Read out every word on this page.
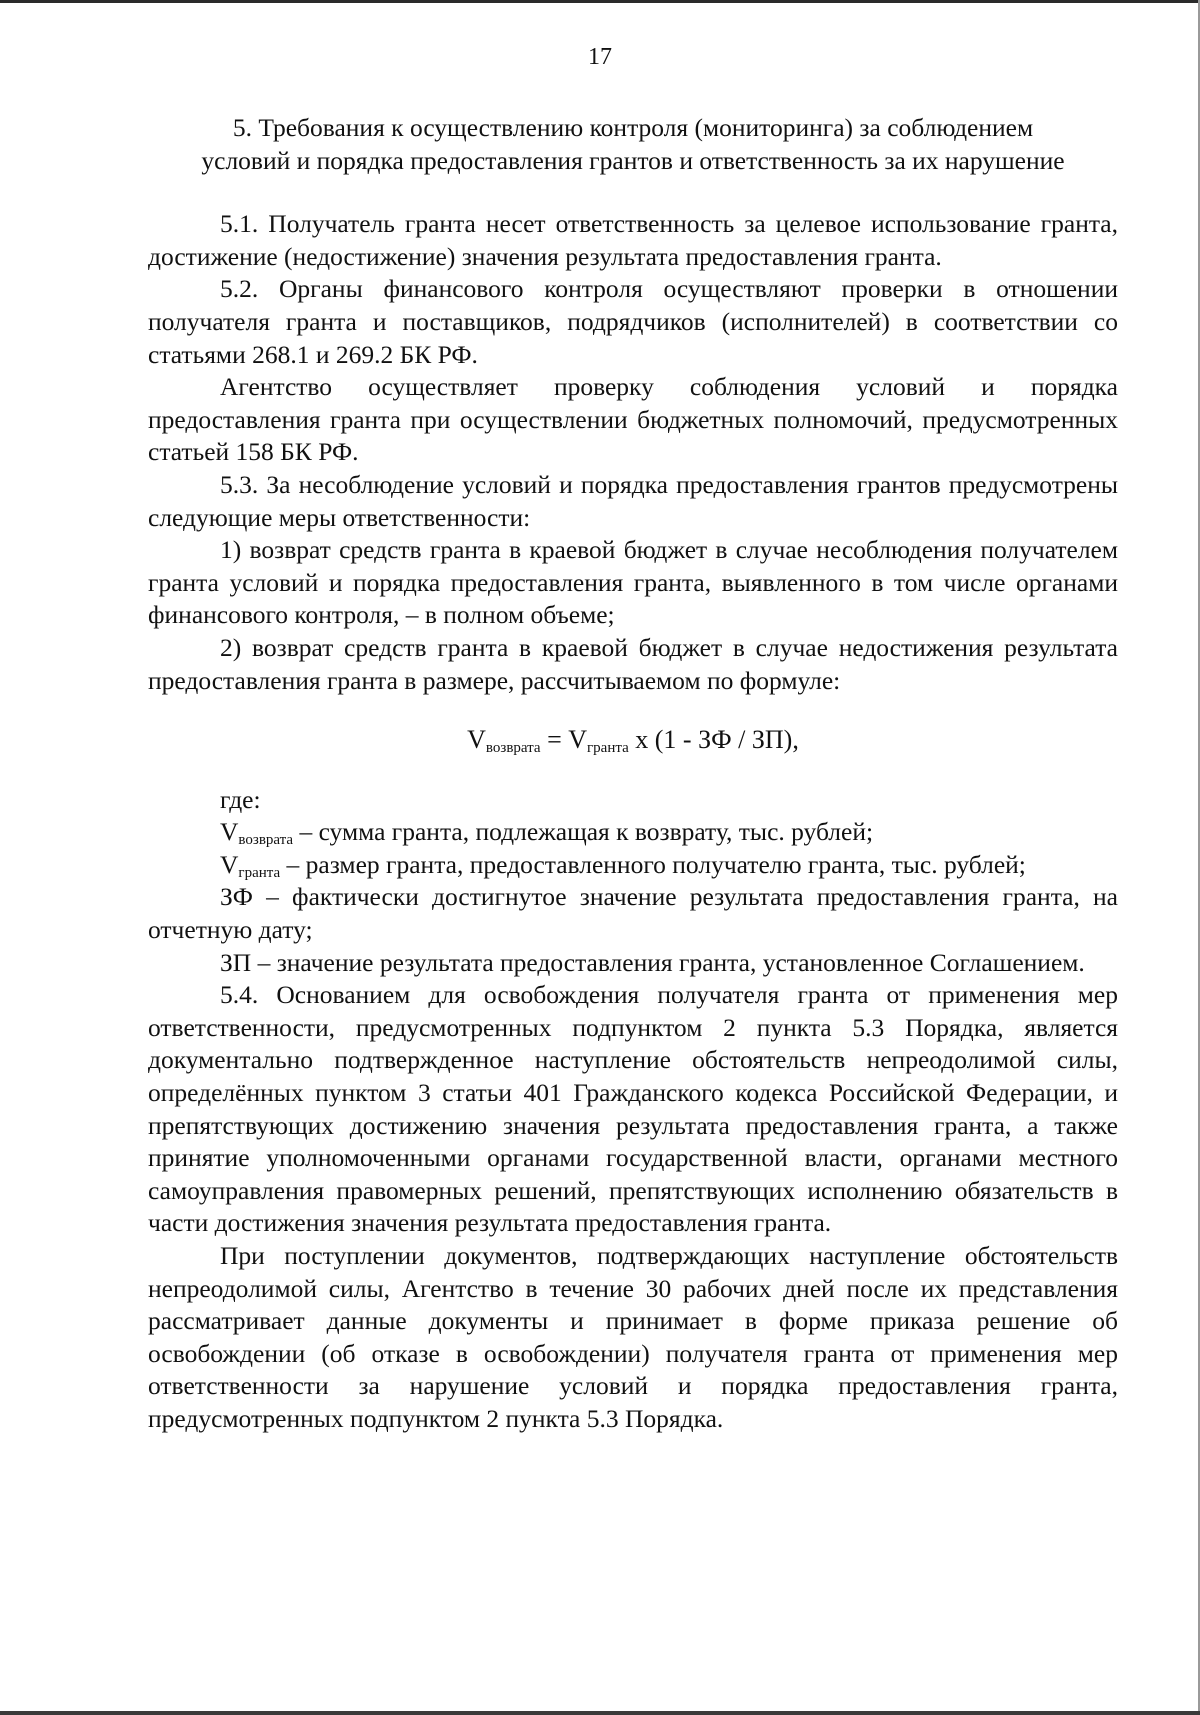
17
5. Требования к осуществлению контроля (мониторинга) за соблюдением
условий и порядка предоставления грантов и ответственность за их нарушение

5.1. Получатель гранта несет ответственность за целевое использование гранта, достижение (недостижение) значения результата предоставления гранта.

5.2. Органы финансового контроля осуществляют проверки в отношении получателя гранта и поставщиков, подрядчиков (исполнителей) в соответствии со статьями 268.1 и 269.2 БК РФ.

Агентство осуществляет проверку соблюдения условий и порядка предоставления гранта при осуществлении бюджетных полномочий, предусмотренных статьей 158 БК РФ.

5.3. За несоблюдение условий и порядка предоставления грантов предусмотрены следующие меры ответственности:

1) возврат средств гранта в краевой бюджет в случае несоблюдения получателем гранта условий и порядка предоставления гранта, выявленного в том числе органами финансового контроля, – в полном объеме;

2) возврат средств гранта в краевой бюджет в случае недостижения результата предоставления гранта в размере, рассчитываемом по формуле:

$V_{возврата} = V_{гранта}$ x (1 - ЗФ / ЗП),

где:

$V_{возврата}$ – сумма гранта, подлежащая к возврату, тыс. рублей;

$V_{гранта}$ – размер гранта, предоставленного получателю гранта, тыс. рублей;

ЗФ – фактически достигнутое значение результата предоставления гранта, на отчетную дату;

ЗП – значение результата предоставления гранта, установленное Соглашением.

5.4. Основанием для освобождения получателя гранта от применения мер ответственности, предусмотренных подпунктом 2 пункта 5.3 Порядка, является документально подтвержденное наступление обстоятельств непреодолимой силы, определённых пунктом 3 статьи 401 Гражданского кодекса Российской Федерации, и препятствующих достижению значения результата предоставления гранта, а также принятие уполномоченными органами государственной власти, органами местного самоуправления правомерных решений, препятствующих исполнению обязательств в части достижения значения результата предоставления гранта.

При поступлении документов, подтверждающих наступление обстоятельств непреодолимой силы, Агентство в течение 30 рабочих дней после их представления рассматривает данные документы и принимает в форме приказа решение об освобождении (об отказе в освобождении) получателя гранта от применения мер ответственности за нарушение условий и порядка предоставления гранта, предусмотренных подпунктом 2 пункта 5.3 Порядка.
